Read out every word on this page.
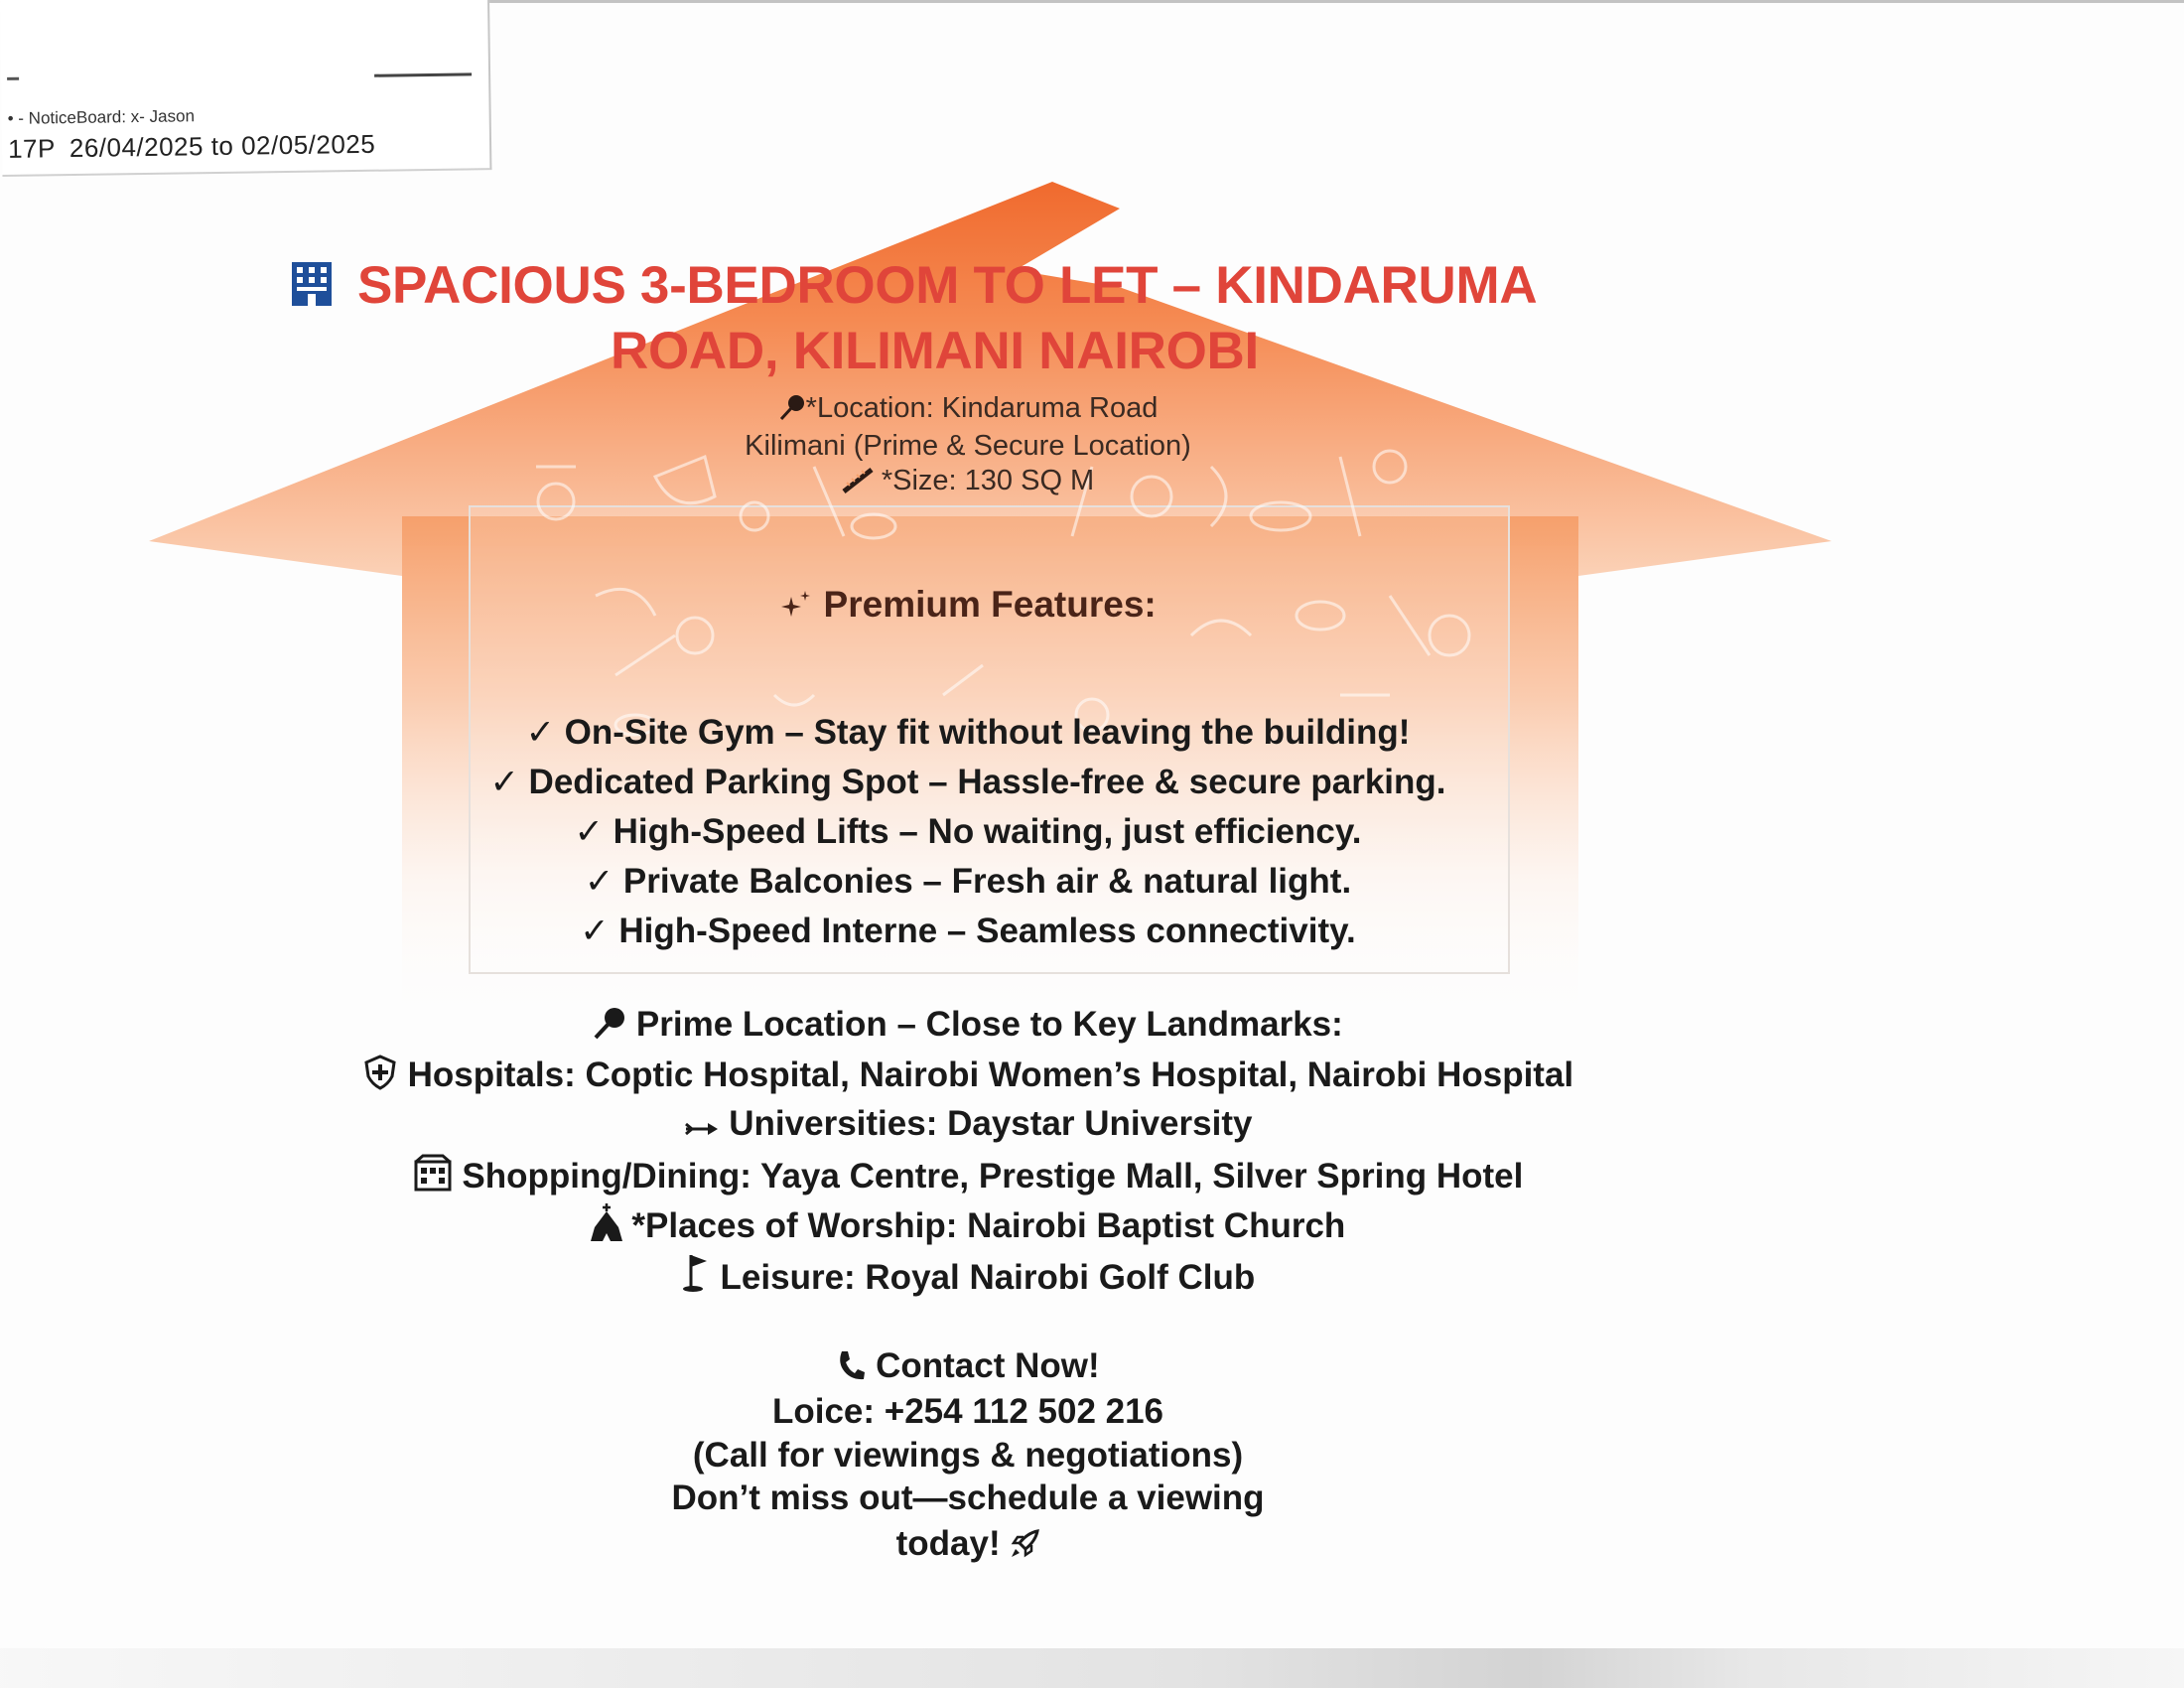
• - NoticeBoard: x- Jason
17P 26/04/2025 to 02/05/2025
SPACIOUS 3-BEDROOM TO LET – KINDARUMA
ROAD, KILIMANI NAIROBI
*Location: Kindaruma Road
Kilimani (Prime & Secure Location)
*Size: 130 SQ M
Premium Features:
✓ On-Site Gym – Stay fit without leaving the building!
✓ Dedicated Parking Spot – Hassle-free & secure parking.
✓ High-Speed Lifts – No waiting, just efficiency.
✓ Private Balconies – Fresh air & natural light.
✓ High-Speed Interne – Seamless connectivity.
Prime Location – Close to Key Landmarks:
Hospitals: Coptic Hospital, Nairobi Women’s Hospital, Nairobi Hospital
Universities: Daystar University
Shopping/Dining: Yaya Centre, Prestige Mall, Silver Spring Hotel
*Places of Worship: Nairobi Baptist Church
Leisure: Royal Nairobi Golf Club
Contact Now!
Loice: +254 112 502 216
(Call for viewings & negotiations)
Don’t miss out—schedule a viewing
today!
